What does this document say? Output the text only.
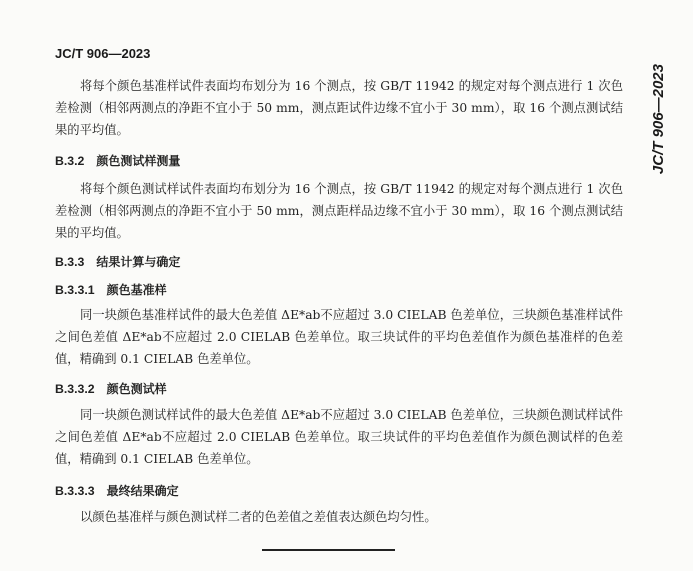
JC/T 906—2023
JC/T 906—2023
将每个颜色基准样试件表面均布划分为 16 个测点，按 GB/T 11942 的规定对每个测点进行 1 次色差检测（相邻两测点的净距不宜小于 50 mm，测点距试件边缘不宜小于 30 mm），取 16 个测点测试结果的平均值。
B.3.2 颜色测试样测量
将每个颜色测试样试件表面均布划分为 16 个测点，按 GB/T 11942 的规定对每个测点进行 1 次色差检测（相邻两测点的净距不宜小于 50 mm，测点距样品边缘不宜小于 30 mm），取 16 个测点测试结果的平均值。
B.3.3 结果计算与确定
B.3.3.1 颜色基准样
同一块颜色基准样试件的最大色差值 ΔE*ab不应超过 3.0 CIELAB 色差单位，三块颜色基准样试件之间色差值 ΔE*ab不应超过 2.0 CIELAB 色差单位。取三块试件的平均色差值作为颜色基准样的色差值，精确到 0.1 CIELAB 色差单位。
B.3.3.2 颜色测试样
同一块颜色测试样试件的最大色差值 ΔE*ab不应超过 3.0 CIELAB 色差单位，三块颜色测试样试件之间色差值 ΔE*ab不应超过 2.0 CIELAB 色差单位。取三块试件的平均色差值作为颜色测试样的色差值，精确到 0.1 CIELAB 色差单位。
B.3.3.3 最终结果确定
以颜色基准样与颜色测试样二者的色差值之差值表达颜色均匀性。
